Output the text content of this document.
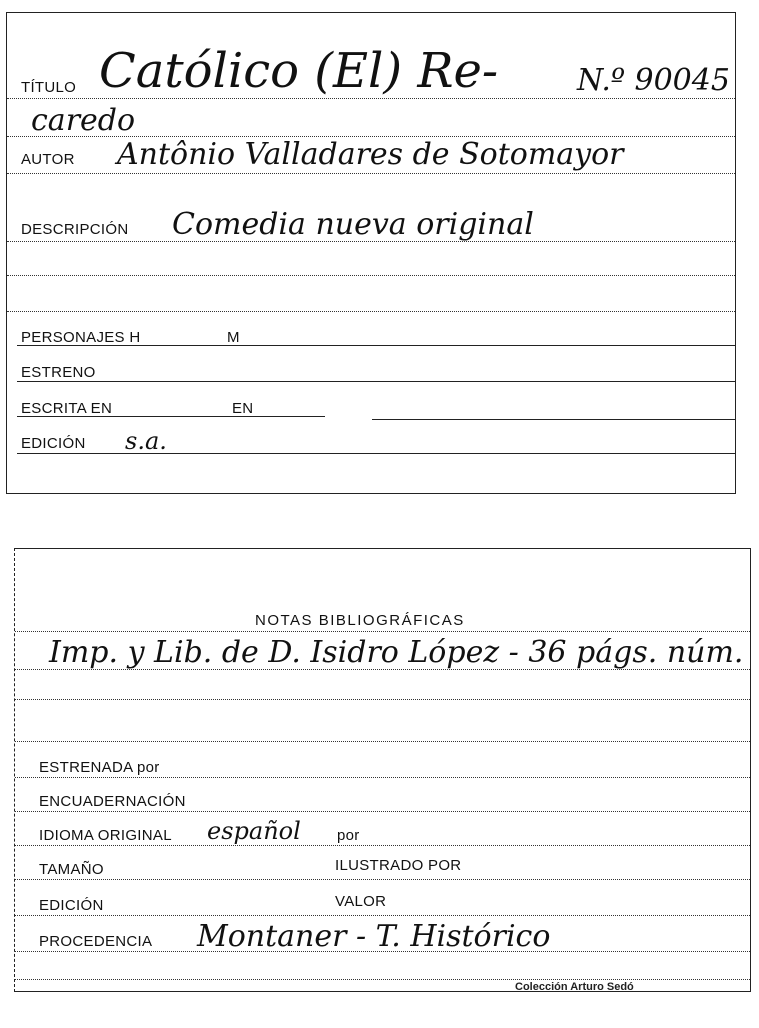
TÍTULO Católico (El) Re-	N.º 90045
caredo
AUTOR Antônio Valladares de Sotomayor
DESCRIPCIÓN Comedia nueva original
PERSONAJES H	M
ESTRENO
ESCRITA EN	EN
EDICIÓN s.a.
NOTAS BIBLIOGRÁFICAS
Imp. y Lib. de D. Isidro López - 36 págs. núm.
ESTRENADA por
ENCUADERNACIÓN
IDIOMA ORIGINAL español por
TAMAÑO	ILUSTRADO POR
EDICIÓN	VALOR
PROCEDENCIA Montaner - T. Histórico
Colección Arturo Sedó
